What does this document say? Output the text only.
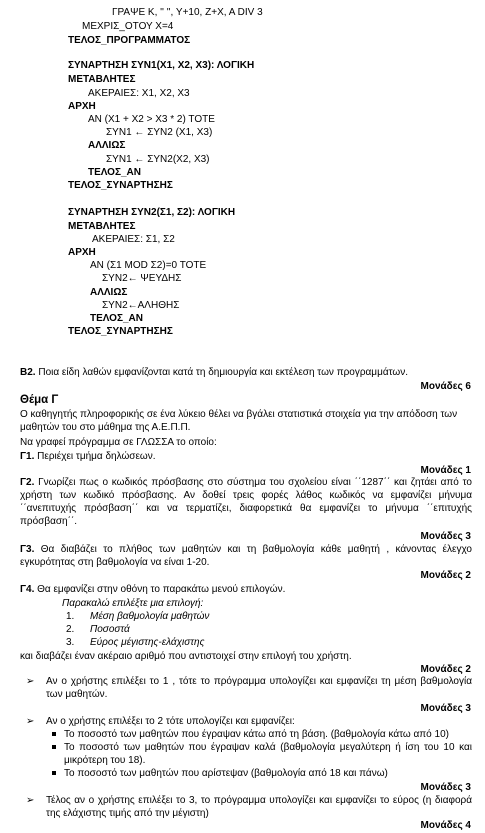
ΓΡΑΨΕ Κ, '' '', Υ+10, Ζ+Χ, Α DIV 3
ΜΕΧΡΙΣ_ΟΤΟΥ Χ=4
ΤΕΛΟΣ_ΠΡΟΓΡΑΜΜΑΤΟΣ
ΣΥΝΑΡΤΗΣΗ ΣΥΝ1(Χ1, Χ2, Χ3): ΛΟΓΙΚΗ
ΜΕΤΑΒΛΗΤΕΣ
ΑΚΕΡΑΙΕΣ: Χ1, Χ2, Χ3
ΑΡΧΗ
ΑΝ (Χ1 + Χ2 > Χ3 * 2) ΤΟΤΕ
ΣΥΝ1 ← ΣΥΝ2 (Χ1, Χ3)
ΑΛΛΙΩΣ
ΣΥΝ1 ← ΣΥΝ2(Χ2, Χ3)
ΤΕΛΟΣ_ΑΝ
ΤΕΛΟΣ_ΣΥΝΑΡΤΗΣΗΣ
ΣΥΝΑΡΤΗΣΗ ΣΥΝ2(Σ1, Σ2): ΛΟΓΙΚΗ
ΜΕΤΑΒΛΗΤΕΣ
ΑΚΕΡΑΙΕΣ: Σ1, Σ2
ΑΡΧΗ
ΑΝ (Σ1 MOD Σ2)=0 ΤΟΤΕ
ΣΥΝ2← ΨΕΥΔΗΣ
ΑΛΛΙΩΣ
ΣΥΝ2←ΑΛΗΘΗΣ
ΤΕΛΟΣ_ΑΝ
ΤΕΛΟΣ_ΣΥΝΑΡΤΗΣΗΣ
Β2. Ποια είδη λαθών εμφανίζονται κατά τη δημιουργία και εκτέλεση των προγραμμάτων.
Μονάδες 6
Θέμα Γ
Ο καθηγητής πληροφορικής σε ένα λύκειο θέλει να βγάλει στατιστικά στοιχεία για την απόδοση των μαθητών του στο μάθημα της Α.Ε.Π.Π.
Να γραφεί πρόγραμμα σε ΓΛΩΣΣΑ το οποίο:
Γ1. Περιέχει τμήμα δηλώσεων.
Μονάδες 1
Γ2. Γνωρίζει πως ο κωδικός πρόσβασης στο σύστημα του σχολείου είναι ΄΄1287΄΄ και ζητάει από το χρήστη των κωδικό πρόσβασης. Αν δοθεί τρεις φορές λάθος κωδικός να εμφανίζει μήνυμα ΄΄ανεπιτυχής πρόσβαση΄΄ και να τερματίζει, διαφορετικά θα εμφανίζει το μήνυμα ΄΄επιτυχής πρόσβαση΄΄.
Μονάδες 3
Γ3. Θα διαβάζει το πλήθος των μαθητών και τη βαθμολογία κάθε μαθητή , κάνοντας έλεγχο εγκυρότητας στη βαθμολογία να είναι 1-20.
Μονάδες 2
Γ4. Θα εμφανίζει στην οθόνη το παρακάτω μενού επιλογών.
Παρακαλώ επιλέξτε μια επιλογή:
1. Μέση βαθμολογία μαθητών
2. Ποσοστά
3. Εύρος μέγιστης-ελάχιστης
και διαβάζει έναν ακέραιο αριθμό που αντιστοιχεί στην επιλογή του χρήστη.
Μονάδες 2
➢ Αν ο χρήστης επιλέξει το 1 , τότε το πρόγραμμα υπολογίζει και εμφανίζει τη μέση βαθμολογία των μαθητών.
Μονάδες 3
➢ Αν ο χρήστης επιλέξει το 2 τότε υπολογίζει και εμφανίζει:
Το ποσοστό των μαθητών που έγραψαν κάτω από τη βάση. (βαθμολογία κάτω από 10)
Το ποσοστό των μαθητών που έγραψαν καλά (βαθμολογία μεγαλύτερη ή ίση του 10 και μικρότερη του 18).
Το ποσοστό των μαθητών που αρίστεψαν (βαθμολογία από 18 και πάνω)
Μονάδες 3
➢ Τέλος αν ο χρήστης επιλέξει το 3, το πρόγραμμα υπολογίζει και εμφανίζει το εύρος (η διαφορά της ελάχιστης τιμής από την μέγιστη)
Μονάδες 4
